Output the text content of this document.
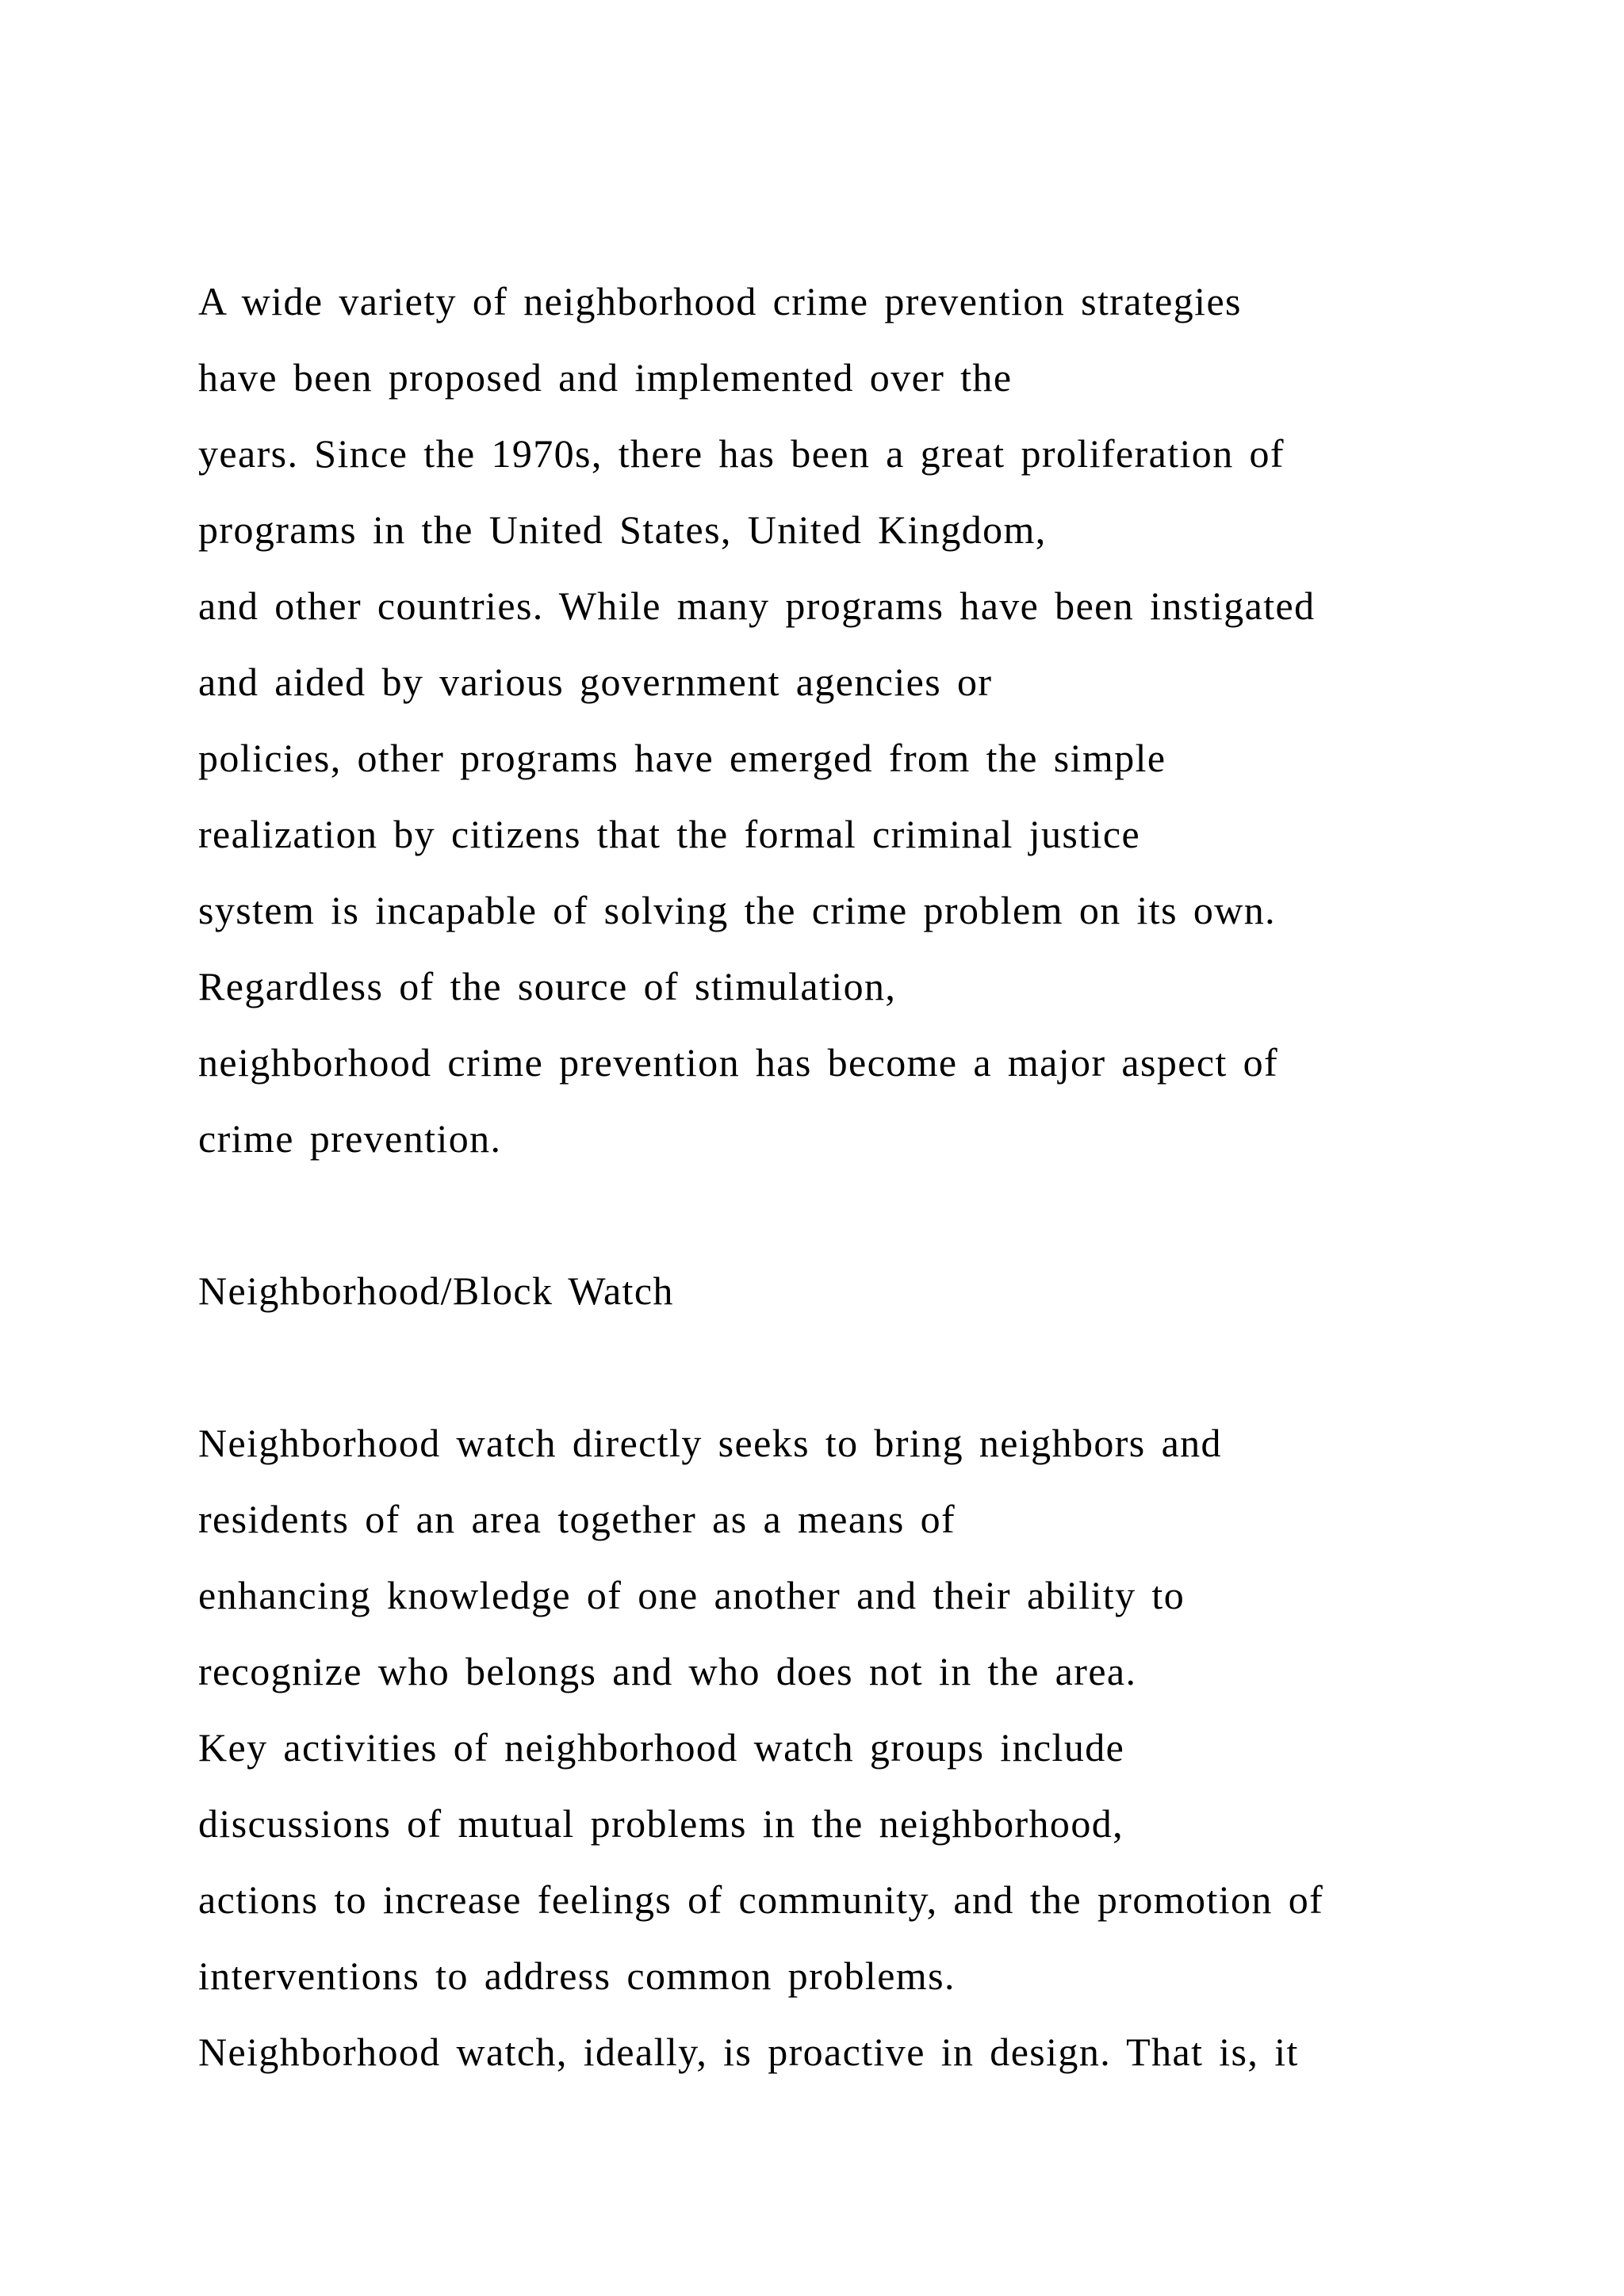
A wide variety of neighborhood crime prevention strategies
have been proposed and implemented over the
years. Since the 1970s, there has been a great proliferation of
programs in the United States, United Kingdom,
and other countries. While many programs have been instigated
and aided by various government agencies or
policies, other programs have emerged from the simple
realization by citizens that the formal criminal justice
system is incapable of solving the crime problem on its own.
Regardless of the source of stimulation,
neighborhood crime prevention has become a major aspect of
crime prevention.
Neighborhood/Block Watch
Neighborhood watch directly seeks to bring neighbors and
residents of an area together as a means of
enhancing knowledge of one another and their ability to
recognize who belongs and who does not in the area.
Key activities of neighborhood watch groups include
discussions of mutual problems in the neighborhood,
actions to increase feelings of community, and the promotion of
interventions to address common problems.
Neighborhood watch, ideally, is proactive in design. That is, it
